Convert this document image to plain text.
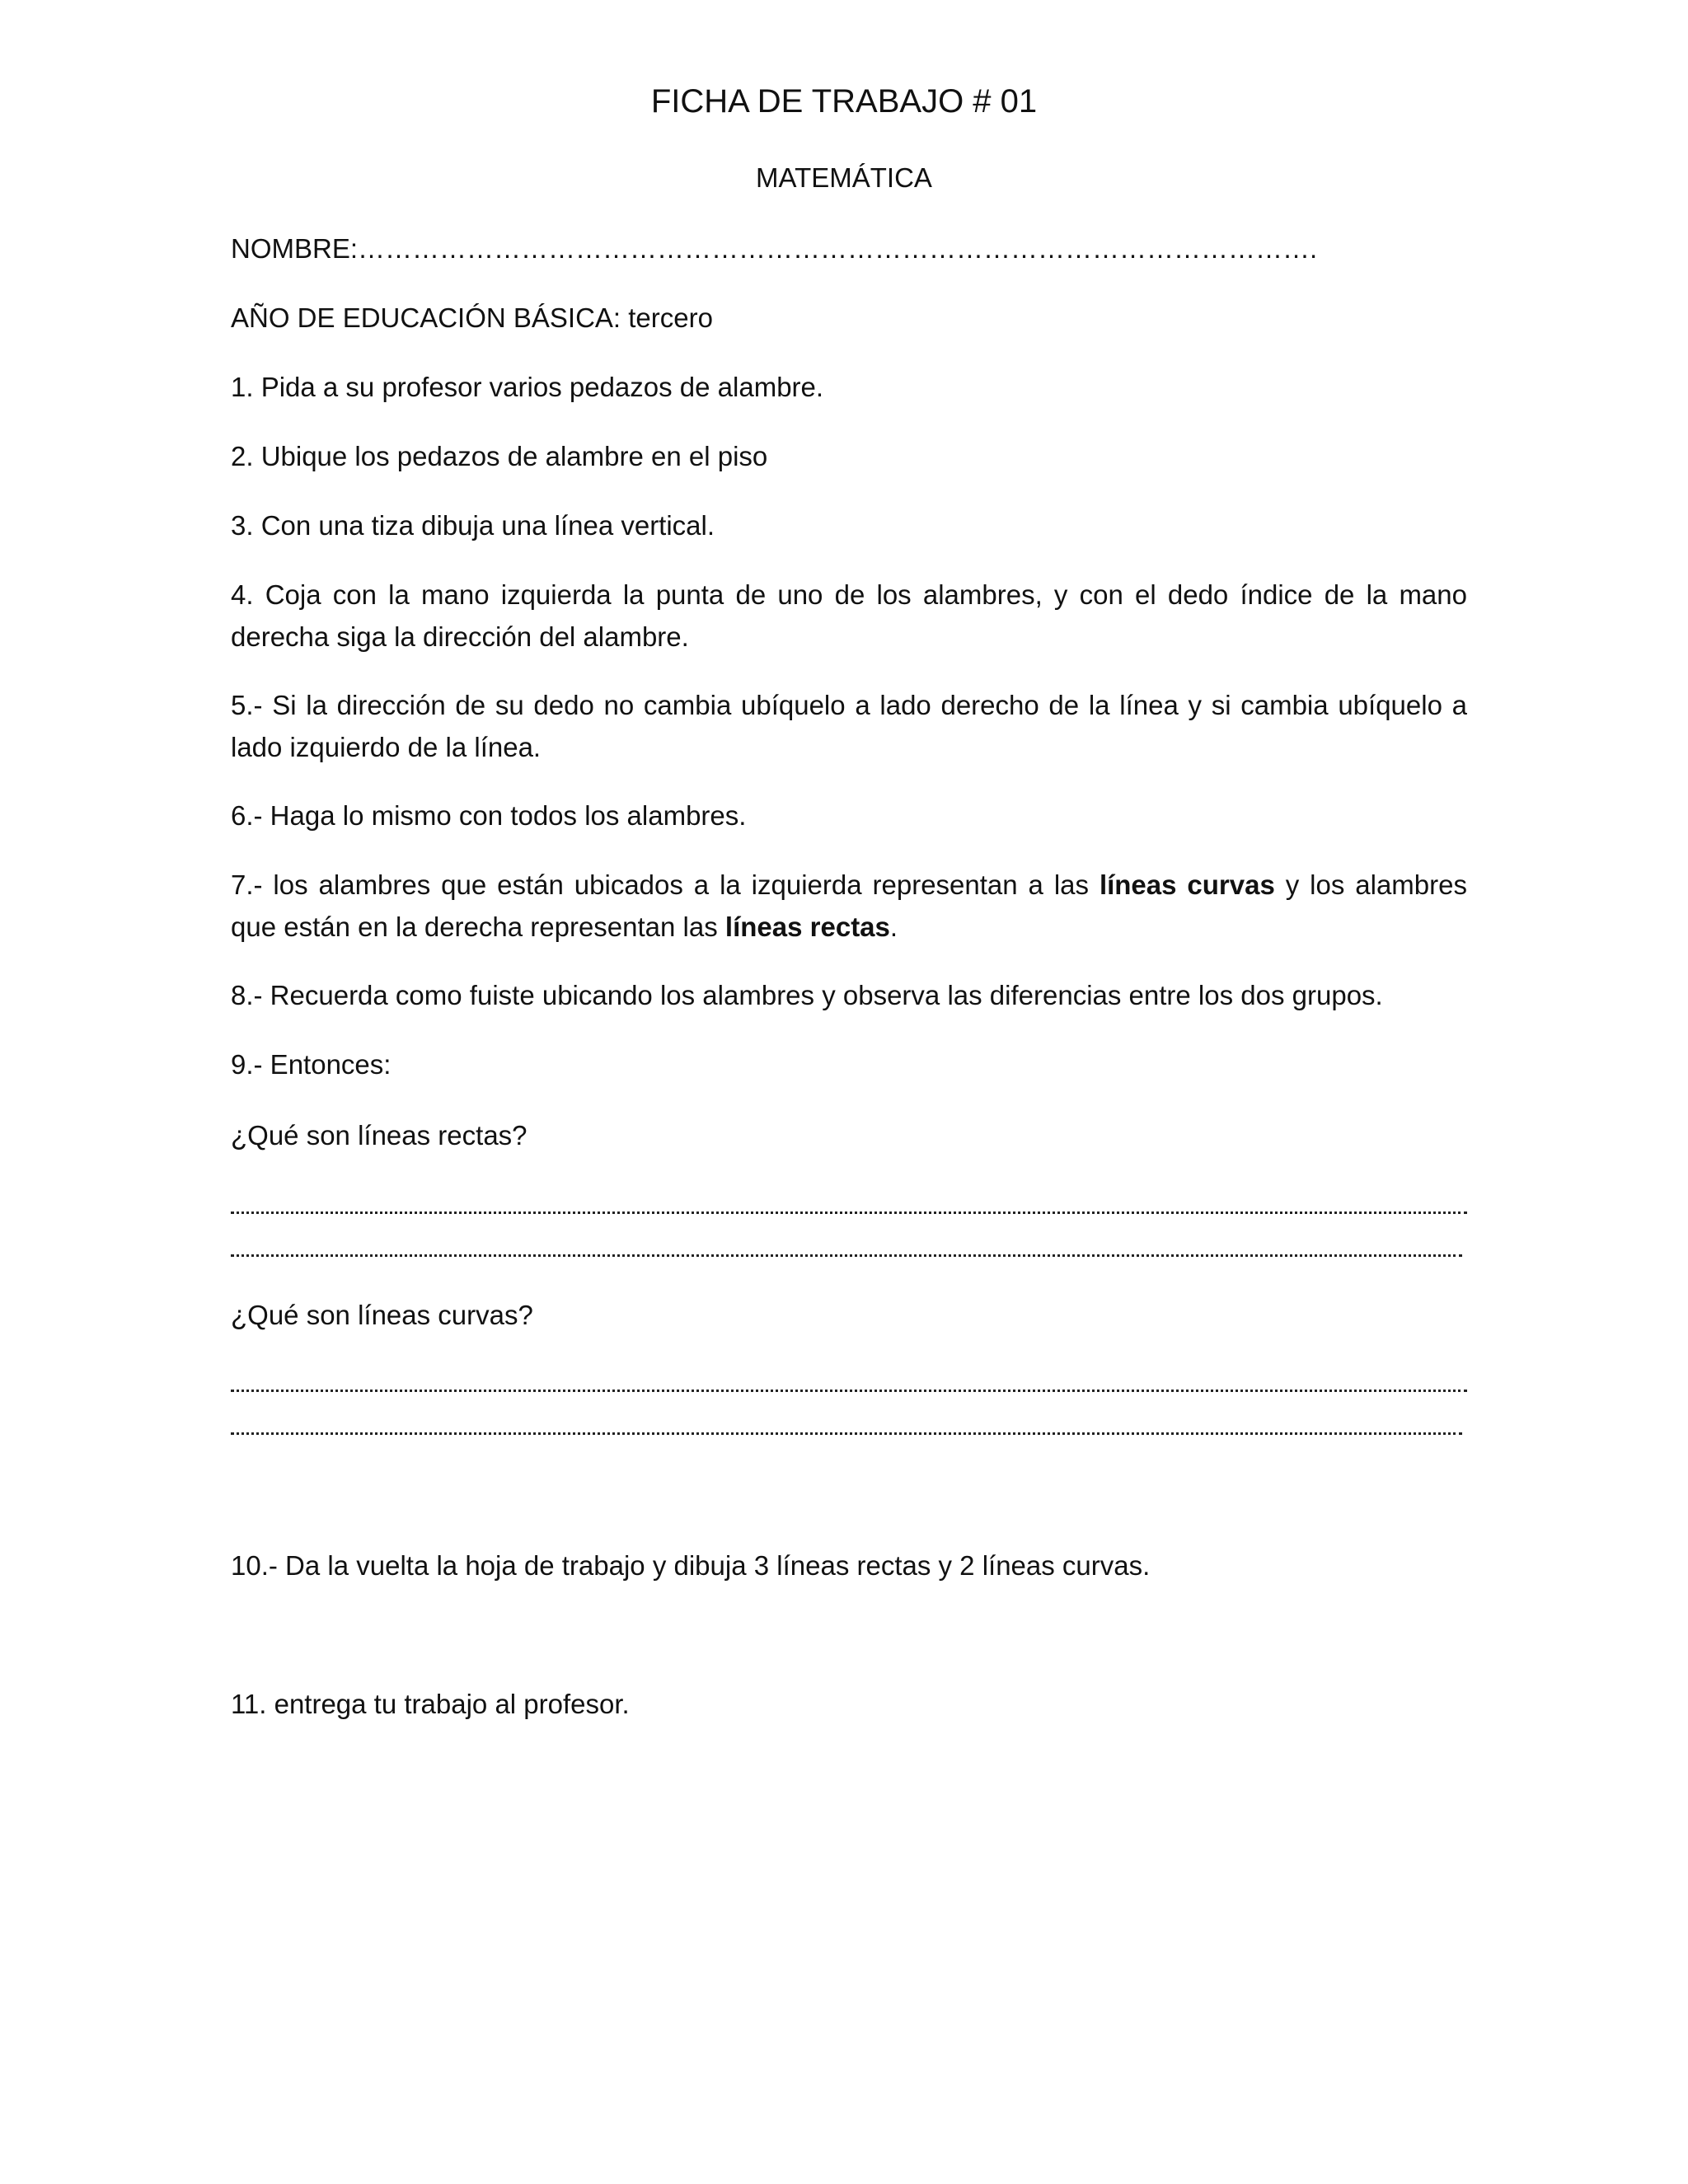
FICHA DE TRABAJO # 01
MATEMÁTICA
NOMBRE:…………………………………………………………………………………………….
AÑO DE EDUCACIÓN BÁSICA: tercero
1. Pida a su profesor varios pedazos de alambre.
2. Ubique los pedazos de alambre en el piso
3. Con una tiza dibuja una línea vertical.
4. Coja con la mano izquierda la punta de uno de los alambres, y con el dedo índice de la mano derecha siga la dirección del alambre.
5.- Si la dirección de su dedo no cambia ubíquelo a lado derecho de la línea y si cambia ubíquelo a lado izquierdo de la línea.
6.- Haga lo mismo con todos los alambres.
7.- los alambres que están ubicados a la izquierda representan a las líneas curvas y los alambres que están en la derecha representan las líneas rectas.
8.- Recuerda como fuiste ubicando los alambres y observa las diferencias entre los dos grupos.
9.- Entonces:
¿Qué son líneas rectas?
¿Qué son líneas curvas?
10.- Da la vuelta la hoja de trabajo y dibuja 3 líneas rectas y 2 líneas curvas.
11. entrega tu trabajo al profesor.
